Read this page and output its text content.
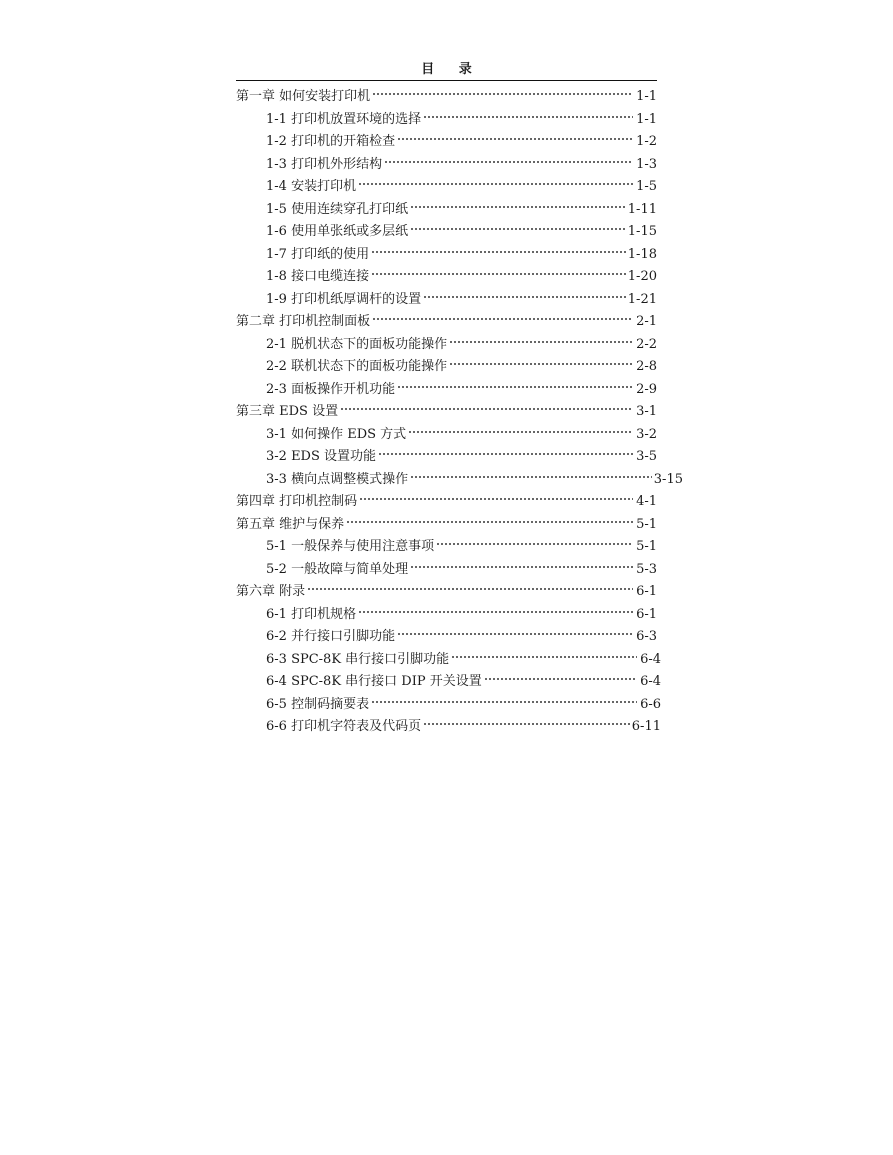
目 录
第一章 如何安装打印机	1-1
1-1 打印机放置环境的选择	1-1
1-2 打印机的开箱检查	1-2
1-3 打印机外形结构	1-3
1-4 安装打印机	1-5
1-5 使用连续穿孔打印纸	1-11
1-6 使用单张纸或多层纸	1-15
1-7 打印纸的使用	1-18
1-8 接口电缆连接	1-20
1-9 打印机纸厚调杆的设置	1-21
第二章 打印机控制面板	2-1
2-1 脱机状态下的面板功能操作	2-2
2-2 联机状态下的面板功能操作	2-8
2-3 面板操作开机功能	2-9
第三章 EDS 设置	3-1
3-1 如何操作 EDS 方式	3-2
3-2 EDS 设置功能	3-5
3-3 横向点调整模式操作	3-15
第四章 打印机控制码	4-1
第五章 维护与保养	5-1
5-1 一般保养与使用注意事项	5-1
5-2 一般故障与简单处理	5-3
第六章 附录	6-1
6-1 打印机规格	6-1
6-2 并行接口引脚功能	6-3
6-3 SPC-8K 串行接口引脚功能	6-4
6-4 SPC-8K 串行接口 DIP 开关设置	6-4
6-5 控制码摘要表	6-6
6-6 打印机字符表及代码页	6-11
